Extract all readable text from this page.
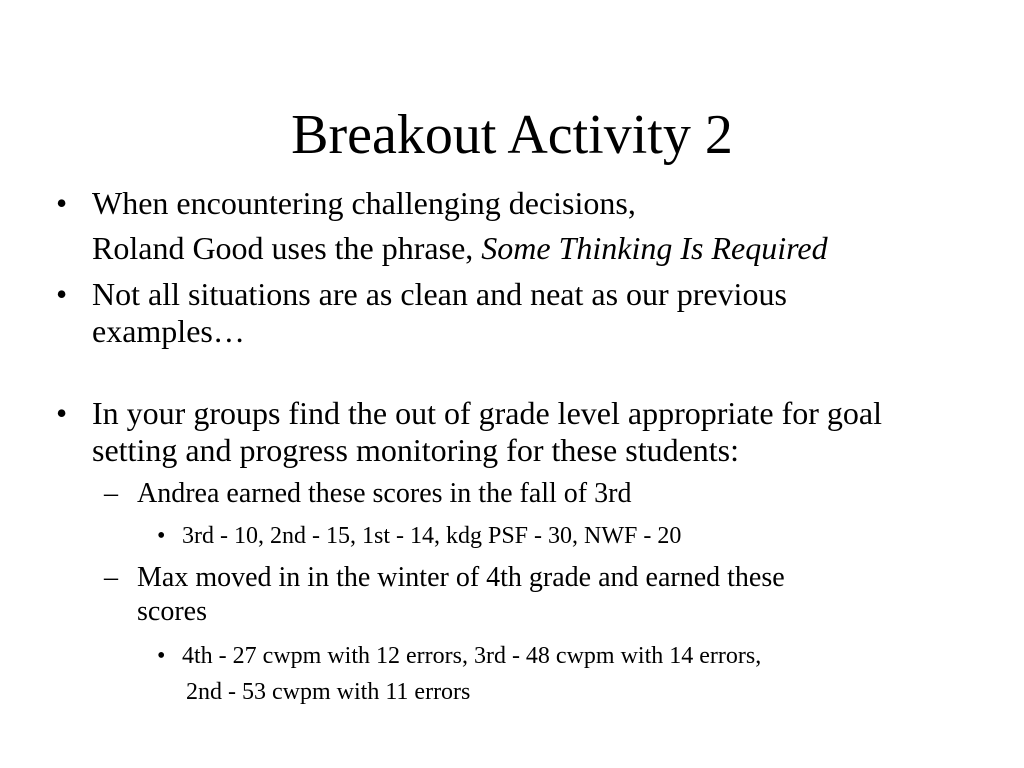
Breakout Activity 2
• When encountering challenging decisions,
Roland Good uses the phrase, Some Thinking Is Required
• Not all situations are as clean and neat as our previous
examples…
• In your groups find the out of grade level appropriate for goal
setting and progress monitoring for these students:
– Andrea earned these scores in the fall of 3rd
• 3rd - 10, 2nd - 15, 1st - 14, kdg PSF - 30, NWF - 20
– Max moved in in the winter of 4th grade and earned these
scores
• 4th - 27 cwpm with 12 errors, 3rd - 48 cwpm with 14 errors,
2nd - 53 cwpm with 11 errors
